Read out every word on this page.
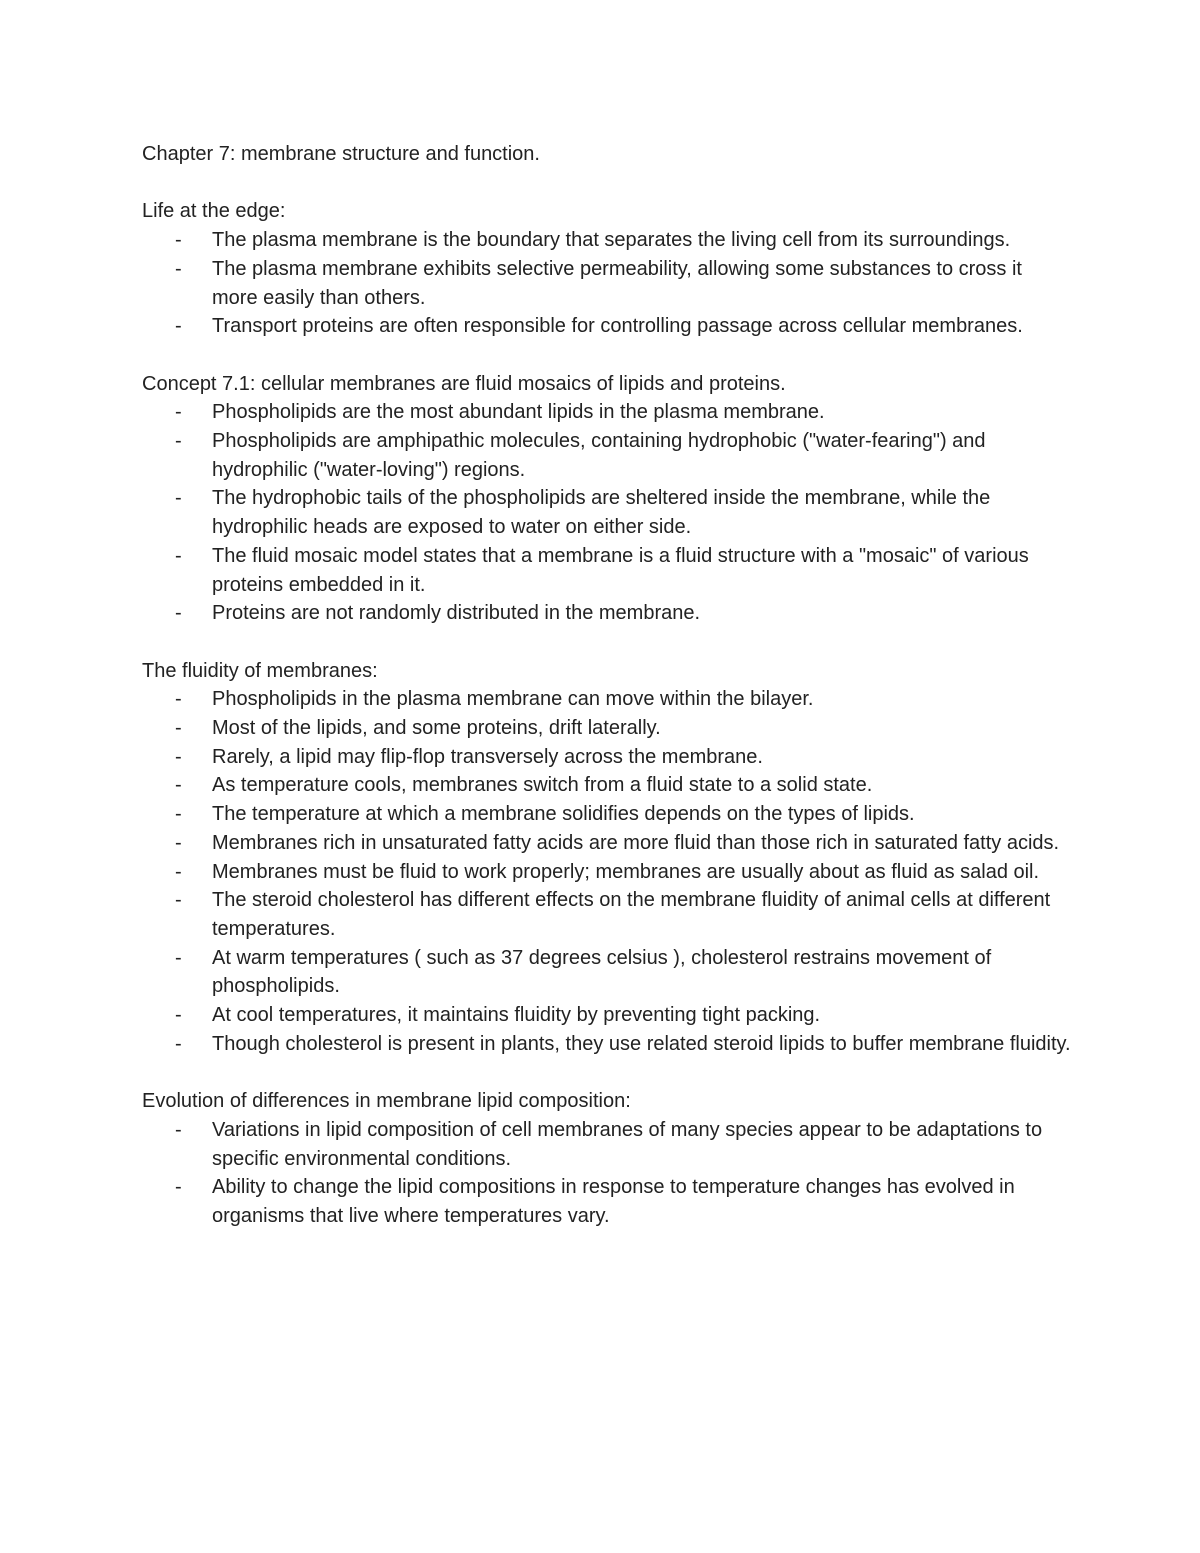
Chapter 7: membrane structure and function.

Life at the edge:

- The plasma membrane is the boundary that separates the living cell from its surroundings.
- The plasma membrane exhibits selective permeability, allowing some substances to cross it more easily than others.
- Transport proteins are often responsible for controlling passage across cellular membranes.

Concept 7.1: cellular membranes are fluid mosaics of lipids and proteins.

- Phospholipids are the most abundant lipids in the plasma membrane.
- Phospholipids are amphipathic molecules, containing hydrophobic ("water-fearing") and hydrophilic ("water-loving") regions.
- The hydrophobic tails of the phospholipids are sheltered inside the membrane, while the hydrophilic heads are exposed to water on either side.
- The fluid mosaic model states that a membrane is a fluid structure with a "mosaic" of various proteins embedded in it.
- Proteins are not randomly distributed in the membrane.

The fluidity of membranes:

- Phospholipids in the plasma membrane can move within the bilayer.
- Most of the lipids, and some proteins, drift laterally.
- Rarely, a lipid may flip-flop transversely across the membrane.
- As temperature cools, membranes switch from a fluid state to a solid state.
- The temperature at which a membrane solidifies depends on the types of lipids.
- Membranes rich in unsaturated fatty acids are more fluid than those rich in saturated fatty acids.
- Membranes must be fluid to work properly; membranes are usually about as fluid as salad oil.
- The steroid cholesterol has different effects on the membrane fluidity of animal cells at different temperatures.
- At warm temperatures ( such as 37 degrees celsius ), cholesterol restrains movement of phospholipids.
- At cool temperatures, it maintains fluidity by preventing tight packing.
- Though cholesterol is present in plants, they use related steroid lipids to buffer membrane fluidity.

Evolution of differences in membrane lipid composition:

- Variations in lipid composition of cell membranes of many species appear to be adaptations to specific environmental conditions.
- Ability to change the lipid compositions in response to temperature changes has evolved in organisms that live where temperatures vary.
